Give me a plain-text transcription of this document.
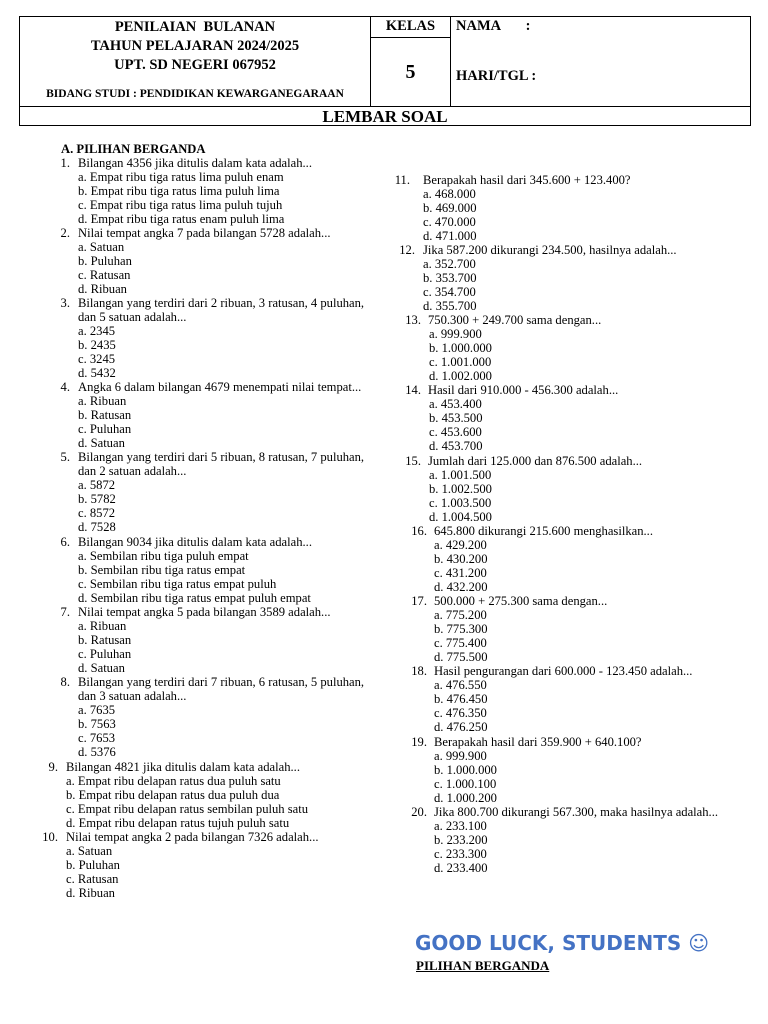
PENILAIAN  BULANAN
TAHUN PELAJARAN 2024/2025
UPT. SD NEGERI 067952
BIDANG STUDI : PENDIDIKAN KEWARGANEGARAAN
KELAS
5
NAMA       :
HARI/TGL :
LEMBAR SOAL
A. PILIHAN BERGANDA
1. Bilangan 4356 jika ditulis dalam kata adalah...
a. Empat ribu tiga ratus lima puluh enam
b. Empat ribu tiga ratus lima puluh lima
c. Empat ribu tiga ratus lima puluh tujuh
d. Empat ribu tiga ratus enam puluh lima
2. Nilai tempat angka 7 pada bilangan 5728 adalah...
a. Satuan
b. Puluhan
c. Ratusan
d. Ribuan
3. Bilangan yang terdiri dari 2 ribuan, 3 ratusan, 4 puluhan,
dan 5 satuan adalah...
a. 2345
b. 2435
c. 3245
d. 5432
4. Angka 6 dalam bilangan 4679 menempati nilai tempat...
a. Ribuan
b. Ratusan
c. Puluhan
d. Satuan
5. Bilangan yang terdiri dari 5 ribuan, 8 ratusan, 7 puluhan,
dan 2 satuan adalah...
a. 5872
b. 5782
c. 8572
d. 7528
6. Bilangan 9034 jika ditulis dalam kata adalah...
a. Sembilan ribu tiga puluh empat
b. Sembilan ribu tiga ratus empat
c. Sembilan ribu tiga ratus empat puluh
d. Sembilan ribu tiga ratus empat puluh empat
7. Nilai tempat angka 5 pada bilangan 3589 adalah...
a. Ribuan
b. Ratusan
c. Puluhan
d. Satuan
8. Bilangan yang terdiri dari 7 ribuan, 6 ratusan, 5 puluhan,
dan 3 satuan adalah...
a. 7635
b. 7563
c. 7653
d. 5376
9. Bilangan 4821 jika ditulis dalam kata adalah...
a. Empat ribu delapan ratus dua puluh satu
b. Empat ribu delapan ratus dua puluh dua
c. Empat ribu delapan ratus sembilan puluh satu
d. Empat ribu delapan ratus tujuh puluh satu
10. Nilai tempat angka 2 pada bilangan 7326 adalah...
a. Satuan
b. Puluhan
c. Ratusan
d. Ribuan
11. Berapakah hasil dari 345.600 + 123.400?
a. 468.000
b. 469.000
c. 470.000
d. 471.000
12. Jika 587.200 dikurangi 234.500, hasilnya adalah...
a. 352.700
b. 353.700
c. 354.700
d. 355.700
13. 750.300 + 249.700 sama dengan...
a. 999.900
b. 1.000.000
c. 1.001.000
d. 1.002.000
14. Hasil dari 910.000 - 456.300 adalah...
a. 453.400
b. 453.500
c. 453.600
d. 453.700
15. Jumlah dari 125.000 dan 876.500 adalah...
a. 1.001.500
b. 1.002.500
c. 1.003.500
d. 1.004.500
16. 645.800 dikurangi 215.600 menghasilkan...
a. 429.200
b. 430.200
c. 431.200
d. 432.200
17. 500.000 + 275.300 sama dengan...
a. 775.200
b. 775.300
c. 775.400
d. 775.500
18. Hasil pengurangan dari 600.000 - 123.450 adalah...
a. 476.550
b. 476.450
c. 476.350
d. 476.250
19. Berapakah hasil dari 359.900 + 640.100?
a. 999.900
b. 1.000.000
c. 1.000.100
d. 1.000.200
20. Jika 800.700 dikurangi 567.300, maka hasilnya adalah...
a. 233.100
b. 233.200
c. 233.300
d. 233.400
GOOD LUCK, STUDENTS ☺
PILIHAN BERGANDA
